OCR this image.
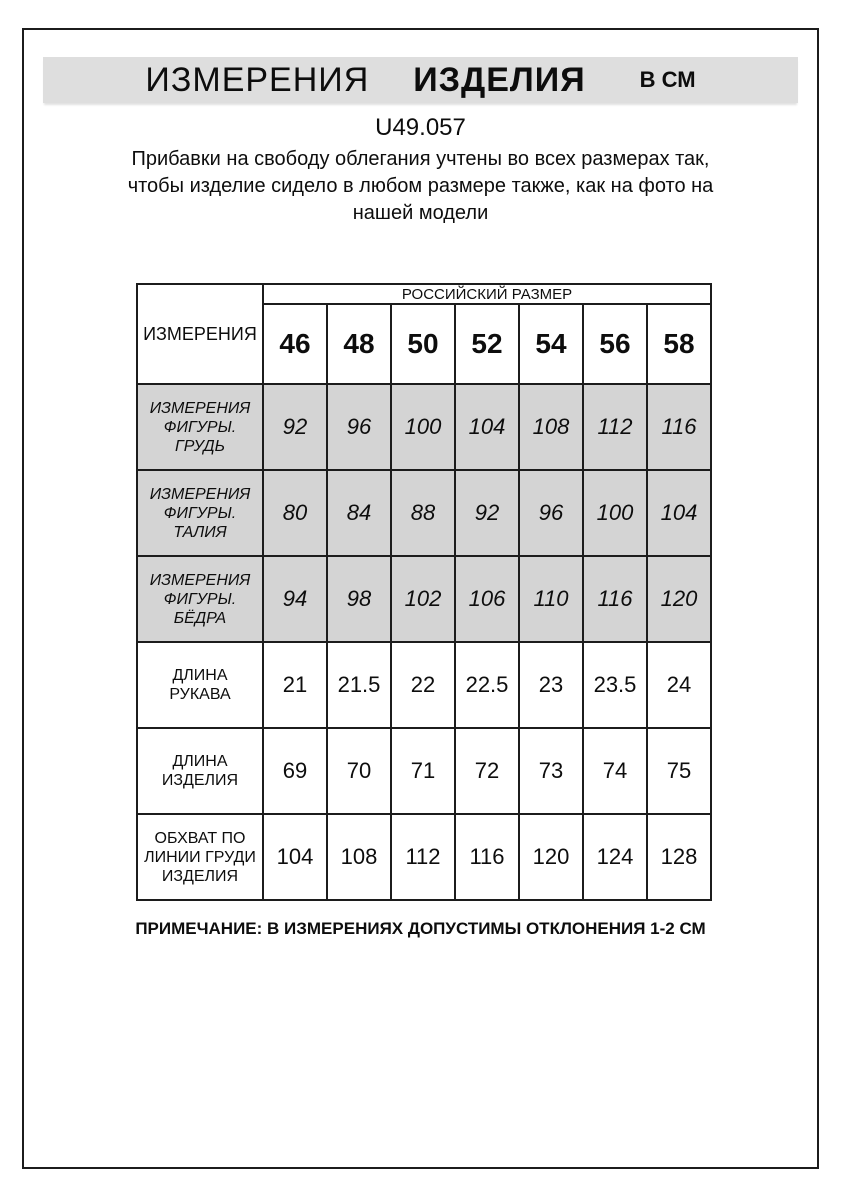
ИЗМЕРЕНИЯ ИЗДЕЛИЯ В СМ
U49.057
Прибавки на свободу облегания учтены во всех размерах так,
чтобы изделие сидело в любом размере также, как на фото на
нашей модели
ИЗМЕРЕНИЯ	РОССИЙСКИЙ РАЗМЕР						
	46	48	50	52	54	56	58
ИЗМЕРЕНИЯ ФИГУРЫ. ГРУДЬ	92	96	100	104	108	112	116
ИЗМЕРЕНИЯ ФИГУРЫ. ТАЛИЯ	80	84	88	92	96	100	104
ИЗМЕРЕНИЯ ФИГУРЫ. БЁДРА	94	98	102	106	110	116	120
ДЛИНА РУКАВА	21	21.5	22	22.5	23	23.5	24
ДЛИНА ИЗДЕЛИЯ	69	70	71	72	73	74	75
ОБХВАТ ПО ЛИНИИ ГРУДИ ИЗДЕЛИЯ	104	108	112	116	120	124	128
ПРИМЕЧАНИЕ: В ИЗМЕРЕНИЯХ ДОПУСТИМЫ ОТКЛОНЕНИЯ 1-2 СМ
